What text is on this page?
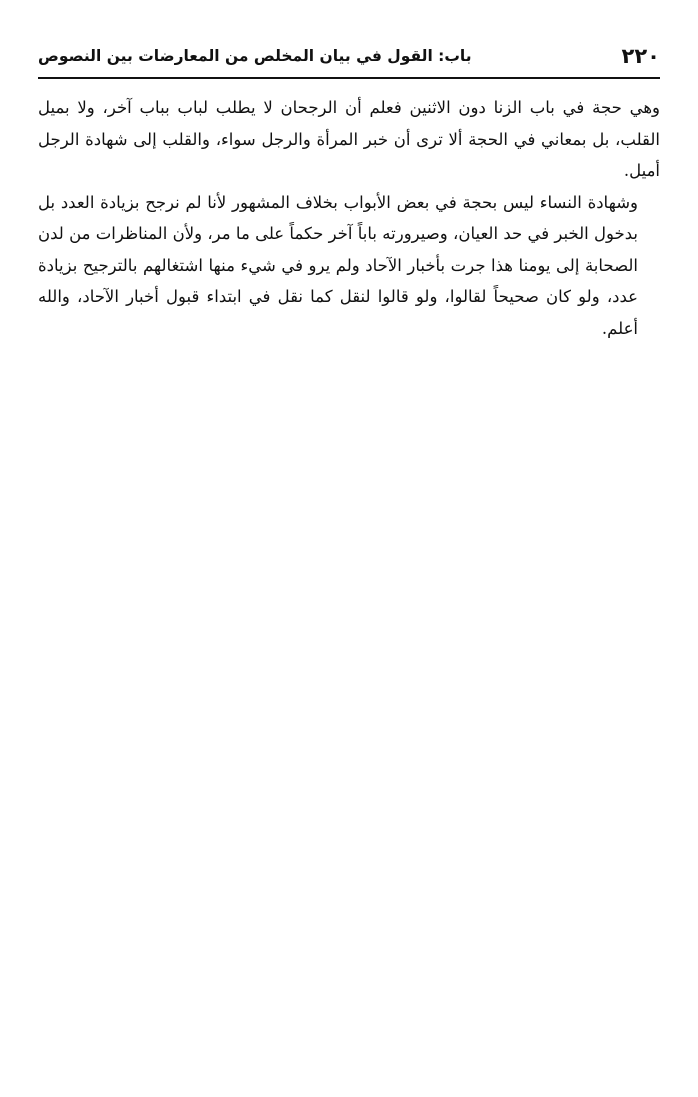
٢٢٠
باب: القول في بيان المخلص من المعارضات بين النصوص

وهي حجة في باب الزنا دون الاثنين فعلم أن الرجحان لا يطلب لباب بباب آخر، ولا بميل القلب، بل بمعاني في الحجة ألا ترى أن خبر المرأة والرجل سواء، والقلب إلى شهادة الرجل أميل.

وشهادة النساء ليس بحجة في بعض الأبواب بخلاف المشهور لأنا لم نرجح بزيادة العدد بل بدخول الخبر في حد العيان، وصيرورته باباً آخر حكماً على ما مر، ولأن المناظرات من لدن الصحابة إلى يومنا هذا جرت بأخبار الآحاد ولم يرو في شيء منها اشتغالهم بالترجيح بزيادة عدد، ولو كان صحيحاً لقالوا، ولو قالوا لنقل كما نقل في ابتداء قبول أخبار الآحاد، والله أعلم.
